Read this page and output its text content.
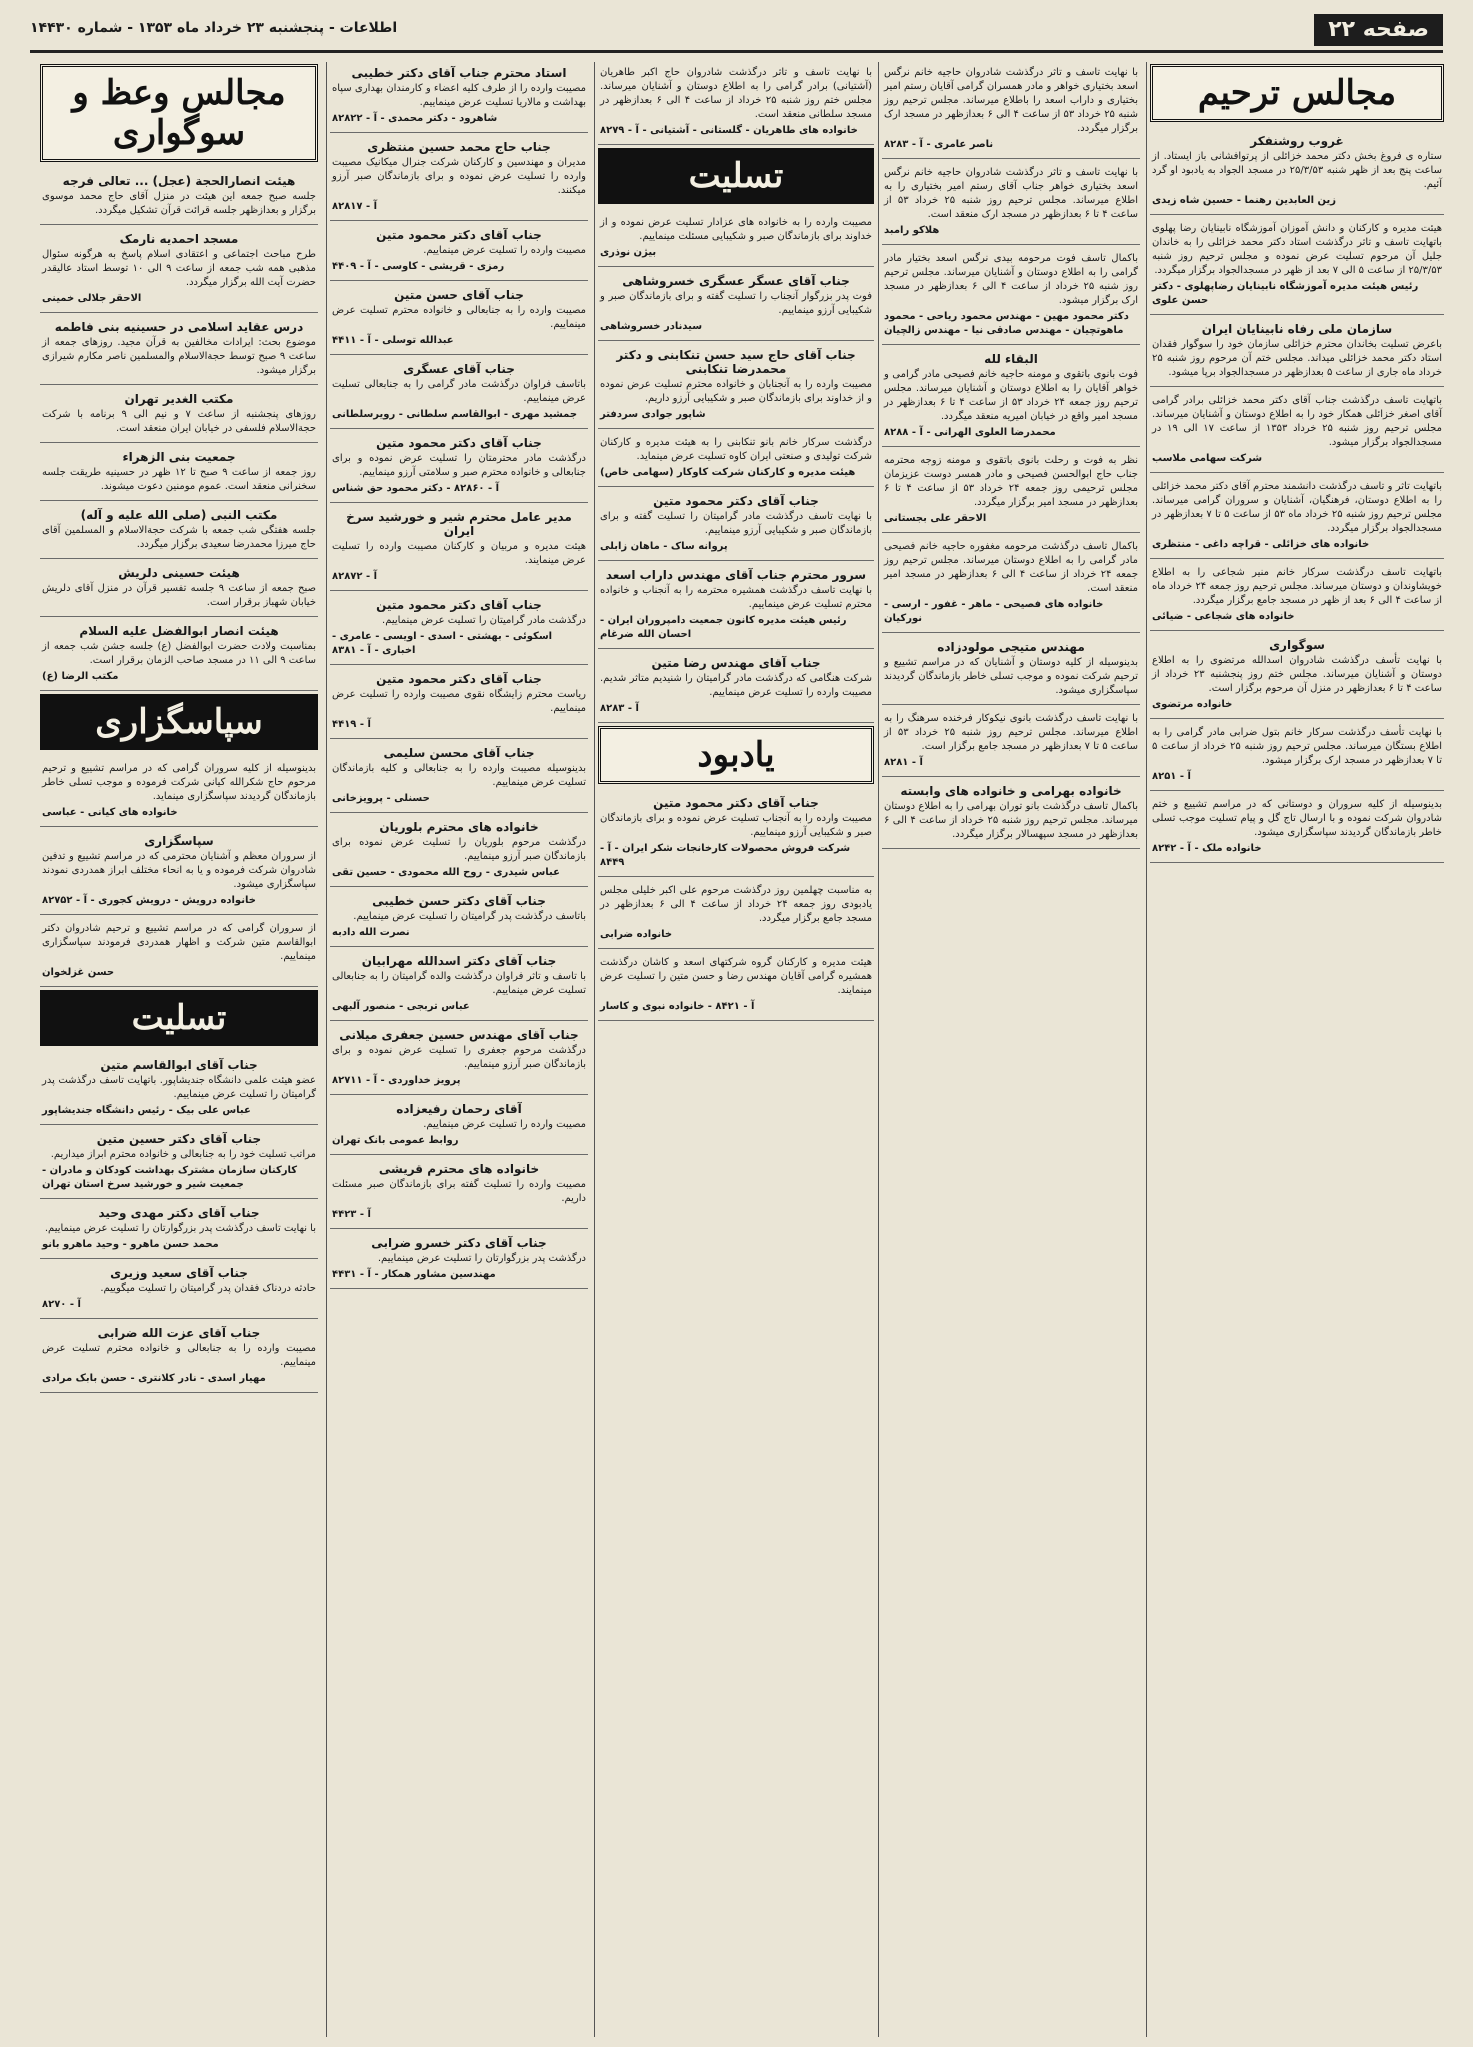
صفحه ۲۲
اطلاعات - پنجشنبه ۲۳ خرداد ماه ۱۳۵۳ - شماره ۱۴۴۳۰
مجالس ترحیم
غروب روشنفکر

ستاره ی فروغ بخش دکتر محمد خزائلی از پرتوافشانی باز ایستاد. از ساعت پنج بعد از ظهر شنبه ۲۵/۳/۵۳ در مسجد الجواد به یادبود او گرد آئیم.

زین العابدین رهنما - حسین شاه زیدی

هیئت مدیره و کارکنان و دانش آموزان آموزشگاه نابینایان رضا پهلوی باتهایت تاسف و تاثر درگذشت استاد دکتر محمد خزائلی را به خاندان جلیل آن مرحوم تسلیت عرض نموده و مجلس ترحیم روز شنبه ۲۵/۳/۵۳ از ساعت ۵ الی ۷ بعد از ظهر در مسجدالجواد برگزار میگردد.

رئیس هیئت مدیره آموزشگاه نابینایان رضاپهلوی - دکتر حسن علوی
سازمان ملی رفاه نابینایان ایران

باعرض تسلیت بخاندان محترم خزائلی سازمان خود را سوگوار فقدان استاد دکتر محمد خزائلی میداند. مجلس ختم آن مرحوم روز شنبه ۲۵ خرداد ماه جاری از ساعت ۵ بعدازظهر در مسجدالجواد برپا میشود.

باتهایت تاسف درگذشت جناب آقای دکتر محمد خزائلی برادر گرامی آقای اصغر خزائلی همکار خود را به اطلاع دوستان و آشنایان میرساند. مجلس ترحیم روز شنبه ۲۵ خرداد ۱۳۵۳ از ساعت ۱۷ الی ۱۹ در مسجدالجواد برگزار میشود.

شرکت سهامی ملاسب

باتهایت تاثر و تاسف درگذشت دانشمند محترم آقای دکتر محمد خزائلی را به اطلاع دوستان، فرهنگیان، آشنایان و سروران گرامی میرساند. مجلس ترحیم روز شنبه ۲۵ خرداد ماه ۵۳ از ساعت ۵ تا ۷ بعدازظهر در مسجدالجواد برگزار میگردد.

خانواده های خزائلی - قراچه داغی - منتظری

باتهایت تاسف درگذشت سرکار خانم منیر شجاعی را به اطلاع خویشاوندان و دوستان میرساند. مجلس ترحیم روز جمعه ۲۴ خرداد ماه از ساعت ۴ الی ۶ بعد از ظهر در مسجد جامع برگزار میگردد.

خانواده های شجاعی - ضیائی
سوگواری

با نهایت تأسف درگذشت شادروان اسدالله مرتضوی را به اطلاع دوستان و آشنایان میرساند. مجلس ختم روز پنجشنبه ۲۳ خرداد از ساعت ۴ تا ۶ بعدازظهر در منزل آن مرحوم برگزار است.

خانواده مرتضوی

با نهایت تأسف درگذشت سرکار خانم بتول ضرابی مادر گرامی را به اطلاع بستگان میرساند. مجلس ترحیم روز شنبه ۲۵ خرداد از ساعت ۵ تا ۷ بعدازظهر در مسجد ارک برگزار میشود.

آ - ۸۲۵۱

بدینوسیله از کلیه سروران و دوستانی که در مراسم تشییع و ختم شادروان شرکت نموده و با ارسال تاج گل و پیام تسلیت موجب تسلی خاطر بازماندگان گردیدند سپاسگزاری میشود.

خانواده ملک - آ - ۸۲۴۲

با نهایت تاسف و تاثر درگذشت شادروان حاجیه خانم نرگس اسعد بختیاری خواهر و مادر همسران گرامی آقایان رستم امیر بختیاری و داراب اسعد را باطلاع میرساند. مجلس ترحیم روز شنبه ۲۵ خرداد ۵۳ از ساعت ۴ الی ۶ بعدازظهر در مسجد ارک برگزار میگردد.

ناصر عامری - آ - ۸۲۸۳

با نهایت تاسف و تاثر درگذشت شادروان حاجیه خانم نرگس اسعد بختیاری خواهر جناب آقای رستم امیر بختیاری را به اطلاع میرساند. مجلس ترحیم روز شنبه ۲۵ خرداد ۵۳ از ساعت ۴ تا ۶ بعدازظهر در مسجد ارک منعقد است.

هلاکو رامبد

باکمال تاسف فوت مرحومه بیدی نرگس اسعد بختیار مادر گرامی را به اطلاع دوستان و آشنایان میرساند. مجلس ترحیم روز شنبه ۲۵ خرداد از ساعت ۴ الی ۶ بعدازظهر در مسجد ارک برگزار میشود.

دکتر محمود مهین - مهندس محمود ریاحی - محمود ماهوتچیان - مهندس صادقی نیا - مهندس زالچیان
البقاء لله

فوت بانوی باتقوی و مومنه حاجیه خانم فصیحی مادر گرامی و خواهر آقایان را به اطلاع دوستان و آشنایان میرساند. مجلس ترحیم روز جمعه ۲۴ خرداد ۵۳ از ساعت ۴ تا ۶ بعدازظهر در مسجد امیر واقع در خیابان امیریه منعقد میگردد.

محمدرضا العلوی الهرانی - آ - ۸۲۸۸

نظر به فوت و رحلت بانوی باتقوی و مومنه زوجه محترمه جناب حاج ابوالحسن فصیحی و مادر همسر دوست عزیزمان مجلس ترحیمی روز جمعه ۲۴ خرداد ۵۳ از ساعت ۴ تا ۶ بعدازظهر در مسجد امیر برگزار میگردد.

الاحقر علی بجستانی

باکمال تاسف درگذشت مرحومه مغفوره حاجیه خانم فصیحی مادر گرامی را به اطلاع دوستان میرساند. مجلس ترحیم روز جمعه ۲۴ خرداد از ساعت ۴ الی ۶ بعدازظهر در مسجد امیر منعقد است.

خانواده های فصیحی - ماهر - غفور - ارسی - نورکیان
مهندس متیجی مولودزاده

بدینوسیله از کلیه دوستان و آشنایان که در مراسم تشییع و ترحیم شرکت نموده و موجب تسلی خاطر بازماندگان گردیدند سپاسگزاری میشود.

با نهایت تاسف درگذشت بانوی نیکوکار فرخنده سرهنگ را به اطلاع میرساند. مجلس ترحیم روز شنبه ۲۵ خرداد ۵۳ از ساعت ۵ تا ۷ بعدازظهر در مسجد جامع برگزار است.

آ - ۸۲۸۱
خانواده بهرامی و خانواده های وابسته

باکمال تاسف درگذشت بانو توران بهرامی را به اطلاع دوستان میرساند. مجلس ترحیم روز شنبه ۲۵ خرداد از ساعت ۴ الی ۶ بعدازظهر در مسجد سپهسالار برگزار میگردد.

با نهایت تاسف و تاثر درگذشت شادروان حاج اکبر طاهریان (آشتیانی) برادر گرامی را به اطلاع دوستان و آشنایان میرساند. مجلس ختم روز شنبه ۲۵ خرداد از ساعت ۴ الی ۶ بعدازظهر در مسجد سلطانی منعقد است.

خانواده های طاهریان - گلستانی - آشتیانی - آ - ۸۲۷۹
تسلیت

مصیبت وارده را به خانواده های عزادار تسلیت عرض نموده و از خداوند برای بازماندگان صبر و شکیبایی مسئلت مینماییم.

بیژن نوذری
جناب آقای عسگر عسگری خسروشاهی

فوت پدر بزرگوار آنجناب را تسلیت گفته و برای بازماندگان صبر و شکیبایی آرزو مینماییم.

سیدنادر خسروشاهی
جناب آقای حاج سید حسن تنکابنی و دکتر محمدرضا تنکابنی

مصیبت وارده را به آنجنابان و خانواده محترم تسلیت عرض نموده و از خداوند برای بازماندگان صبر و شکیبایی آرزو داریم.

شاپور جوادی سردفتر

درگذشت سرکار خانم بانو تنکابنی را به هیئت مدیره و کارکنان شرکت تولیدی و صنعتی ایران کاوه تسلیت عرض مینماید.

هیئت مدیره و کارکنان شرکت کاوکار (سهامی خاص)
جناب آقای دکتر محمود متین

با نهایت تاسف درگذشت مادر گرامیتان را تسلیت گفته و برای بازماندگان صبر و شکیبایی آرزو مینماییم.

پروانه ساک - ماهان زابلی
سرور محترم جناب آقای مهندس داراب اسعد

با نهایت تاسف درگذشت همشیره محترمه را به آنجناب و خانواده محترم تسلیت عرض مینماییم.

رئیس هیئت مدیره کانون جمعیت دامپروران ایران - احسان الله ضرغام
جناب آقای مهندس رضا متین

شرکت هنگامی که درگذشت مادر گرامیتان را شنیدیم متاثر شدیم. مصیبت وارده را تسلیت عرض مینماییم.

آ - ۸۲۸۳
یادبود
جناب آقای دکتر محمود متین

مصیبت وارده را به آنجناب تسلیت عرض نموده و برای بازماندگان صبر و شکیبایی آرزو مینماییم.

شرکت فروش محصولات کارخانجات شکر ایران - آ - ۸۴۴۹

به مناسبت چهلمین روز درگذشت مرحوم علی اکبر خلیلی مجلس یادبودی روز جمعه ۲۴ خرداد از ساعت ۴ الی ۶ بعدازظهر در مسجد جامع برگزار میگردد.

خانواده ضرابی

هیئت مدیره و کارکنان گروه شرکتهای اسعد و کاشان درگذشت همشیره گرامی آقایان مهندس رضا و حسن متین را تسلیت عرض مینمایند.

آ - ۸۴۲۱ - خانواده نبوی و کاسار
استاد محترم جناب آقای دکتر خطیبی

مصیبت وارده را از طرف کلیه اعضاء و کارمندان بهداری سپاه بهداشت و مالاریا تسلیت عرض مینماییم.

شاهرود - دکتر محمدی - آ - ۸۲۸۲۲
جناب حاج محمد حسین منتظری

مدیران و مهندسین و کارکنان شرکت جنرال میکانیک مصیبت وارده را تسلیت عرض نموده و برای بازماندگان صبر آرزو میکنند.

آ - ۸۲۸۱۷
جناب آقای دکتر محمود متین

مصیبت وارده را تسلیت عرض مینماییم.

رمزی - قریشی - کاوسی - آ - ۴۴۰۹
جناب آقای حسن متین

مصیبت وارده را به جنابعالی و خانواده محترم تسلیت عرض مینماییم.

عبدالله توسلی - آ - ۴۴۱۱
جناب آقای عسگری

باتاسف فراوان درگذشت مادر گرامی را به جنابعالی تسلیت عرض مینماییم.

جمشید مهری - ابوالقاسم سلطانی - رویرسلطانی
جناب آقای دکتر محمود متین

درگذشت مادر محترمتان را تسلیت عرض نموده و برای جنابعالی و خانواده محترم صبر و سلامتی آرزو مینماییم.

آ - ۸۲۸۶۰ - دکتر محمود حق شناس
مدیر عامل محترم شیر و خورشید سرخ ایران

هیئت مدیره و مربیان و کارکنان مصیبت وارده را تسلیت عرض مینمایند.

آ - ۸۲۸۷۲
جناب آقای دکتر محمود متین

درگذشت مادر گرامیتان را تسلیت عرض مینماییم.

اسکوئی - بهشتی - اسدی - اویسی - عامری - اخباری - آ - ۸۳۸۱
جناب آقای دکتر محمود متین

ریاست محترم زایشگاه نقوی مصیبت وارده را تسلیت عرض مینماییم.

آ - ۴۴۱۹
جناب آقای محسن سلیمی

بدینوسیله مصیبت وارده را به جنابعالی و کلیه بازماندگان تسلیت عرض مینماییم.

حسنلی - پرویزخانی
خانواده های محترم بلوریان

درگذشت مرحوم بلوریان را تسلیت عرض نموده برای بازماندگان صبر آرزو مینماییم.

عباس شیدری - روح الله محمودی - حسین تقی
جناب آقای دکتر حسن خطیبی

باتاسف درگذشت پدر گرامیتان را تسلیت عرض مینماییم.

نصرت الله دادبه
جناب آقای دکتر اسدالله مهرابیان

با تاسف و تاثر فراوان درگذشت والده گرامیتان را به جنابعالی تسلیت عرض مینماییم.

عباس تربجی - منصور آلبهی
جناب آقای مهندس حسین جعفری میلانی

درگذشت مرحوم جعفری را تسلیت عرض نموده و برای بازماندگان صبر آرزو مینماییم.

پرویز خداوردی - آ - ۸۲۷۱۱
آقای رحمان رفیعزاده

مصیبت وارده را تسلیت عرض مینماییم.

روابط عمومی بانک تهران
خانواده های محترم قریشی

مصیبت وارده را تسلیت گفته برای بازماندگان صبر مسئلت داریم.

آ - ۴۴۲۳
جناب آقای دکتر خسرو ضرابی

درگذشت پدر بزرگوارتان را تسلیت عرض مینماییم.

مهندسین مشاور همکار - آ - ۴۴۳۱
مجالس وعظ و سوگواری
هیئت انصارالحجة (عجل) ... تعالی فرجه

جلسه صبح جمعه این هیئت در منزل آقای حاج محمد موسوی برگزار و بعدازظهر جلسه قرائت قرآن تشکیل میگردد.

مسجد احمدیه نارمک

طرح مباحث اجتماعی و اعتقادی اسلام پاسخ به هرگونه سئوال مذهبی همه شب جمعه از ساعت ۹ الی ۱۰ توسط استاد عالیقدر حضرت آیت الله برگزار میگردد.

الاحقر جلالی خمینی
درس عقاید اسلامی در حسینیه بنی فاطمه

موضوع بحث: ایرادات مخالفین به قرآن مجید. روزهای جمعه از ساعت ۹ صبح توسط حجةالاسلام والمسلمین ناصر مکارم شیرازی برگزار میشود.

مکتب الغدیر تهران

روزهای پنجشنبه از ساعت ۷ و نیم الی ۹ برنامه با شرکت حجةالاسلام فلسفی در خیابان ایران منعقد است.

جمعیت بنی الزهراء

روز جمعه از ساعت ۹ صبح تا ۱۲ ظهر در حسینیه طریقت جلسه سخنرانی منعقد است. عموم مومنین دعوت میشوند.

مکتب النبی (صلی الله علیه و آله)

جلسه هفتگی شب جمعه با شرکت حجةالاسلام و المسلمین آقای حاج میرزا محمدرضا سعیدی برگزار میگردد.

هیئت حسینی دلریش

صبح جمعه از ساعت ۹ جلسه تفسیر قرآن در منزل آقای دلریش خیابان شهباز برقرار است.

هیئت انصار ابوالفضل علیه السلام

بمناسبت ولادت حضرت ابوالفضل (ع) جلسه جشن شب جمعه از ساعت ۹ الی ۱۱ در مسجد صاحب الزمان برقرار است.

مکتب الرضا (ع)
سپاسگزاری

بدینوسیله از کلیه سروران گرامی که در مراسم تشییع و ترحیم مرحوم حاج شکرالله کیانی شرکت فرموده و موجب تسلی خاطر بازماندگان گردیدند سپاسگزاری مینماید.

خانواده های کیانی - عباسی
سپاسگزاری

از سروران معظم و آشنایان محترمی که در مراسم تشییع و تدفین شادروان شرکت فرموده و یا به انحاء مختلف ابراز همدردی نمودند سپاسگزاری میشود.

خانواده درویش - درویش کجوری - آ - ۸۲۷۵۲

از سروران گرامی که در مراسم تشییع و ترحیم شادروان دکتر ابوالقاسم متین شرکت و اظهار همدردی فرمودند سپاسگزاری مینماییم.

حسن غزلخوان
تسلیت
جناب آقای ابوالقاسم متین

عضو هیئت علمی دانشگاه جندیشاپور. باتهایت تاسف درگذشت پدر گرامیتان را تسلیت عرض مینماییم.

عباس علی بیک - رئیس دانشگاه جندیشاپور
جناب آقای دکتر حسین متین

مراتب تسلیت خود را به جنابعالی و خانواده محترم ابراز میداریم.

کارکنان سازمان مشترک بهداشت کودکان و مادران - جمعیت شیر و خورشید سرخ استان تهران
جناب آقای دکتر مهدی وحید

با نهایت تاسف درگذشت پدر بزرگوارتان را تسلیت عرض مینماییم.

محمد حسن ماهرو - وحید ماهرو بانو
جناب آقای سعید وزیری

حادثه دردناک فقدان پدر گرامیتان را تسلیت میگوییم.

آ - ۸۲۷۰
جناب آقای عزت الله ضرابی

مصیبت وارده را به جنابعالی و خانواده محترم تسلیت عرض مینماییم.

مهیار اسدی - نادر کلانتری - حسن بابک مرادی
